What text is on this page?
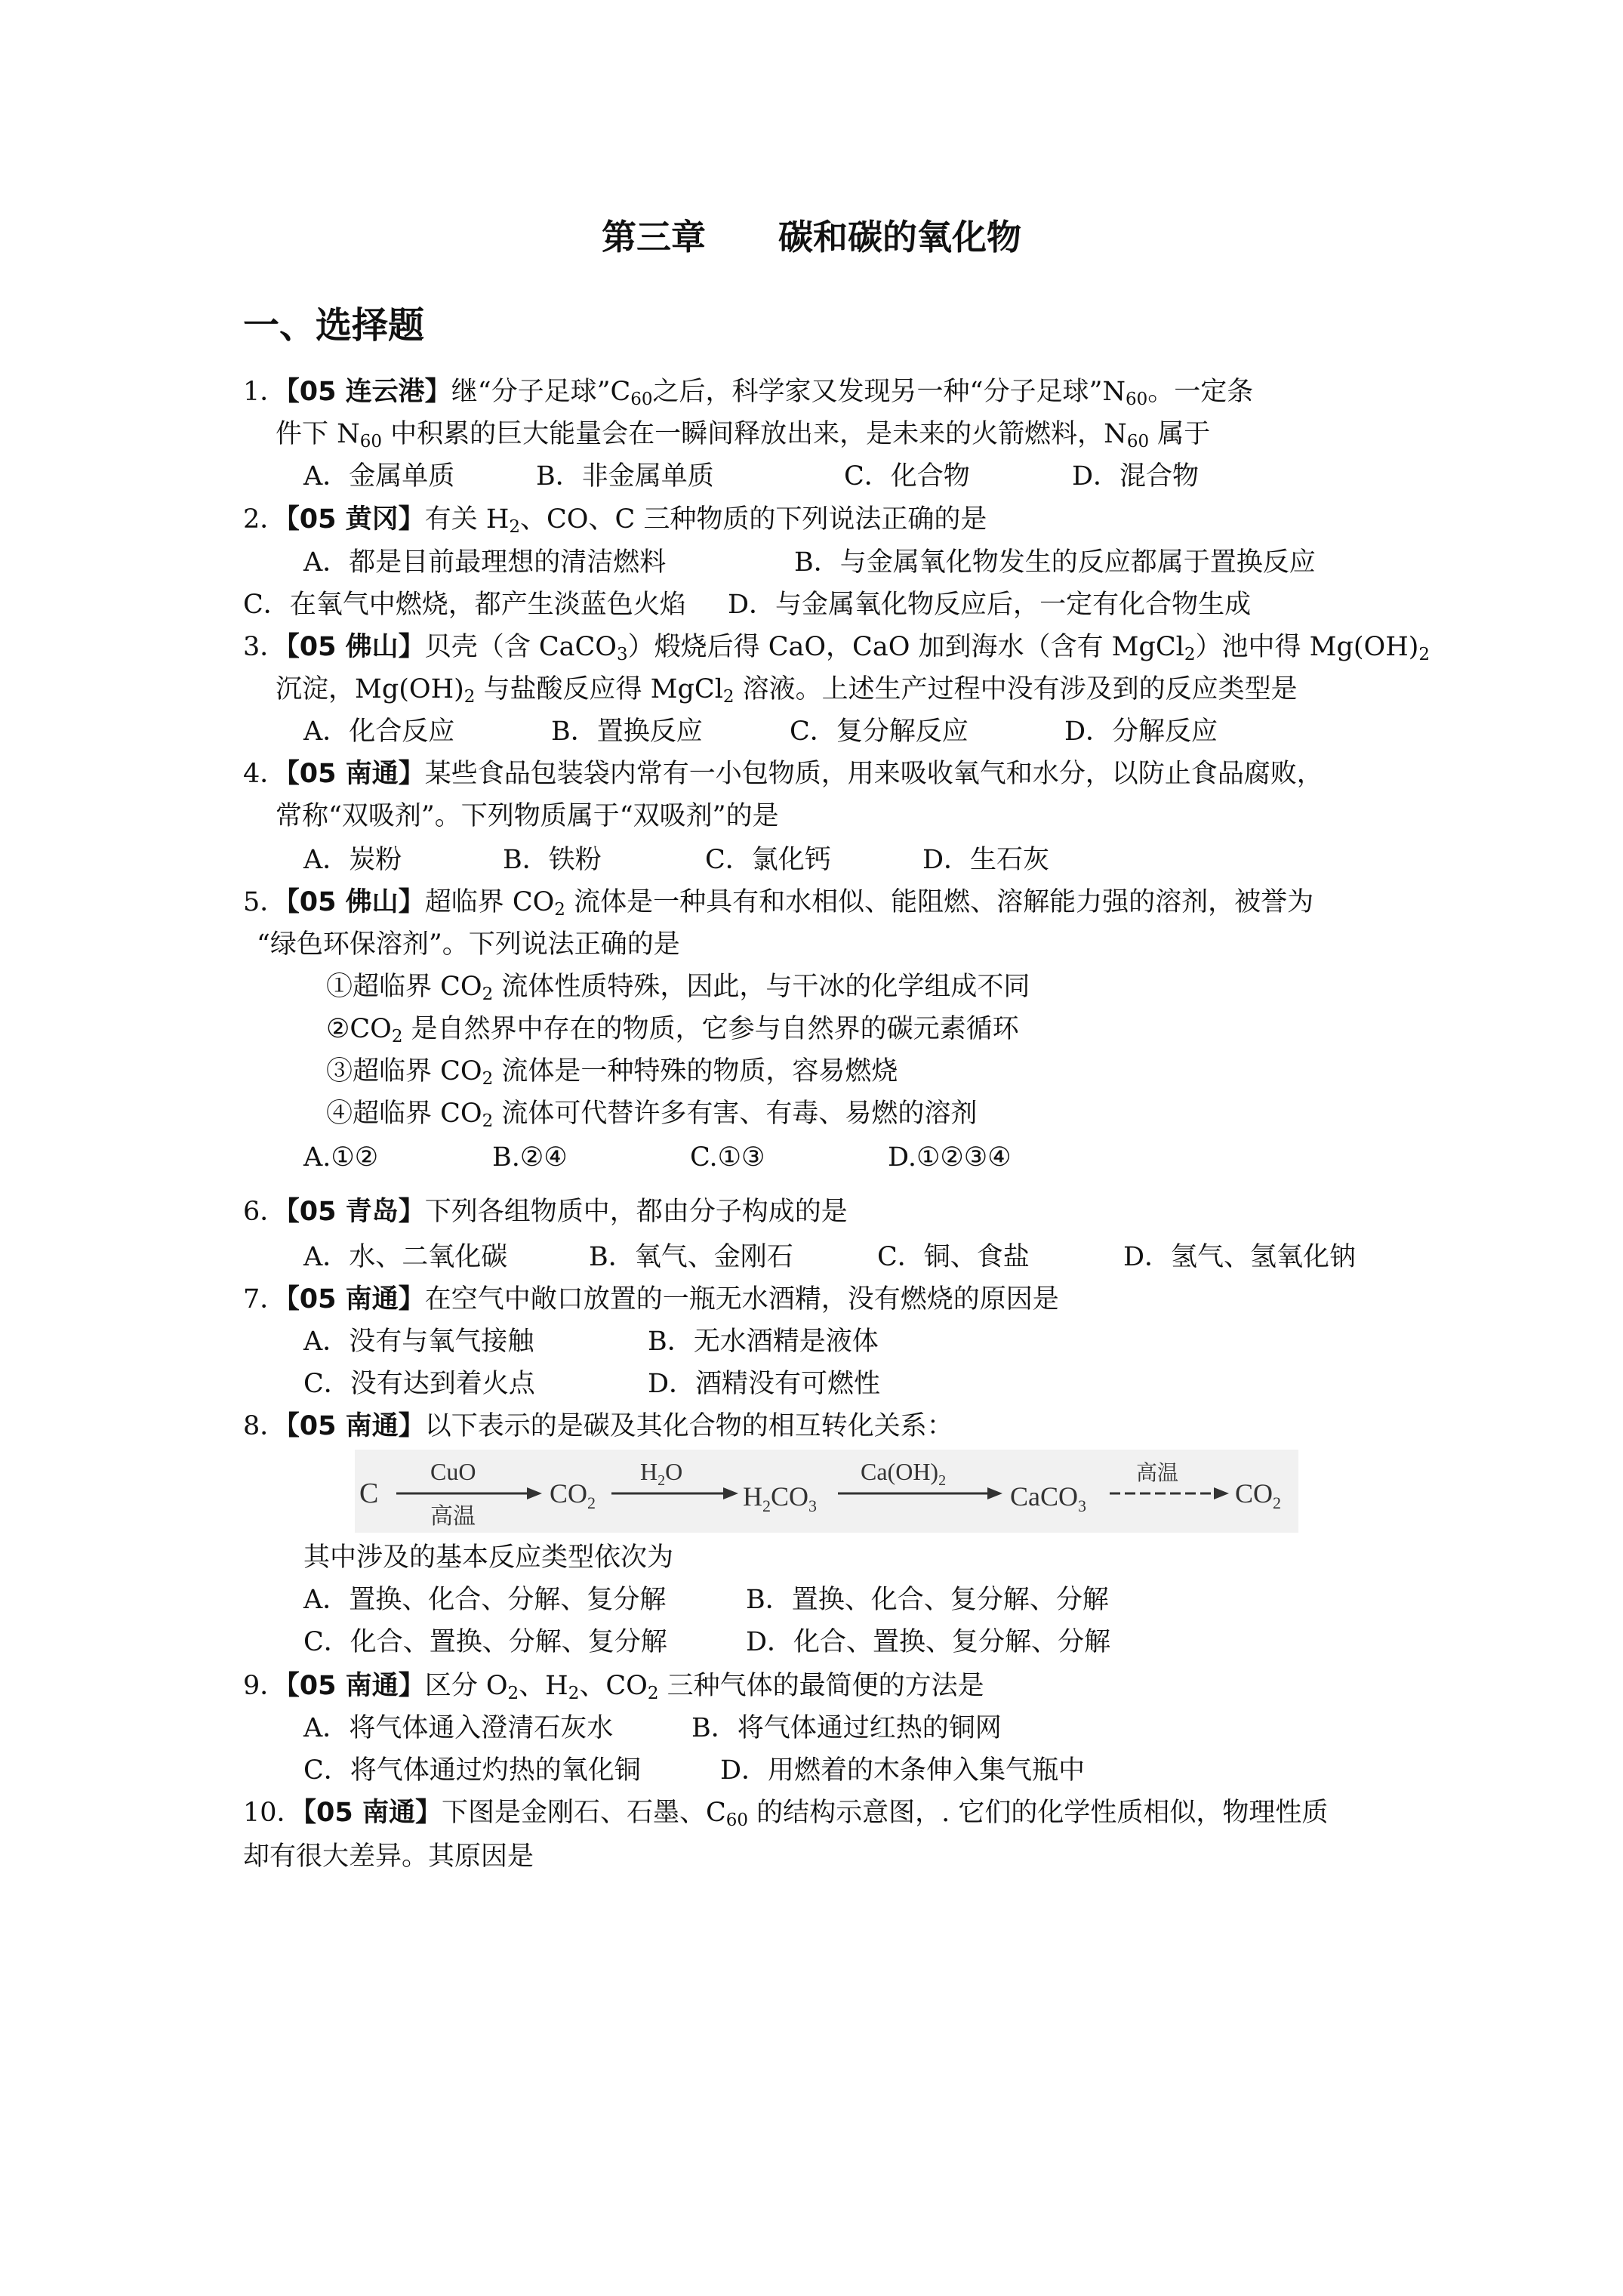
第三章      碳和碳的氧化物
一、选择题
1．【05 连云港】继“分子足球$”C_{60}$之后，科学家又发现另一种“分子足球$”N_{60}$。一定条
件下 $N_{60}$ 中积累的巨大能量会在一瞬间释放出来，是未来的火箭燃料，$N_{60}$ 属于
A．金属单质	B．非金属单质	C．化合物	D．混合物
2．【05 黄冈】有关 $H_2$、CO、C 三种物质的下列说法正确的是
A．都是目前最理想的清洁燃料	B．与金属氧化物发生的反应都属于置换反应
C．在氧气中燃烧，都产生淡蓝色火焰 D．与金属氧化物反应后，一定有化合物生成
3．【05 佛山】贝壳（含 CaCO$_3$）煅烧后得 CaO，CaO 加到海水（含有 MgCl$_2$）池中得 $Mg(OH)_2$
沉淀，$Mg(OH)_2$ 与盐酸反应得 MgCl$_2$ 溶液。上述生产过程中没有涉及到的反应类型是
A．化合反应	B．置换反应	C．复分解反应	D．分解反应
4．【05 南通】某些食品包装袋内常有一小包物质，用来吸收氧气和水分，以防止食品腐败，
常称“双吸剂”。下列物质属于“双吸剂”的是
A．炭粉	B．铁粉	C．氯化钙	D．生石灰
5．【05 佛山】超临界 $CO_2$ 流体是一种具有和水相似、能阻燃、溶解能力强的溶剂，被誉为
“绿色环保溶剂”。下列说法正确的是
①超临界 $CO_2$ 流体性质特殊，因此，与干冰的化学组成不同
$②CO_2$ 是自然界中存在的物质，它参与自然界的碳元素循环
③超临界 $CO_2$ 流体是一种特殊的物质，容易燃烧
④超临界 $CO_2$ 流体可代替许多有害、有毒、易燃的溶剂
A.①②	B.②④	C.①③	D.①②③④
6．【05 青岛】下列各组物质中，都由分子构成的是
A．水、二氧化碳	B．氧气、金刚石	C．铜、食盐	D．氢气、氢氧化钠
7．【05 南通】在空气中敞口放置的一瓶无水酒精，没有燃烧的原因是
A．没有与氧气接触	B．无水酒精是液体
C．没有达到着火点	D．酒精没有可燃性
8．【05 南通】以下表示的是碳及其化合物的相互转化关系：
C
CuO
高温
$CO_2$
$H_2O$
$H_2CO_3$
$Ca(OH)_2$
CaCO$_3$
高温
$CO_2$
其中涉及的基本反应类型依次为
A．置换、化合、分解、复分解	B．置换、化合、复分解、分解
C．化合、置换、分解、复分解	D．化合、置换、复分解、分解
9．【05 南通】区分 $O_2$、$H_2$、$CO_2$ 三种气体的最简便的方法是
A．将气体通入澄清石灰水	B．将气体通过红热的铜网
C．将气体通过灼热的氧化铜	D．用燃着的木条伸入集气瓶中
10．【05 南通】下图是金刚石、石墨、$C_{60}$ 的结构示意图，. 它们的化学性质相似，物理性质
却有很大差异。其原因是
